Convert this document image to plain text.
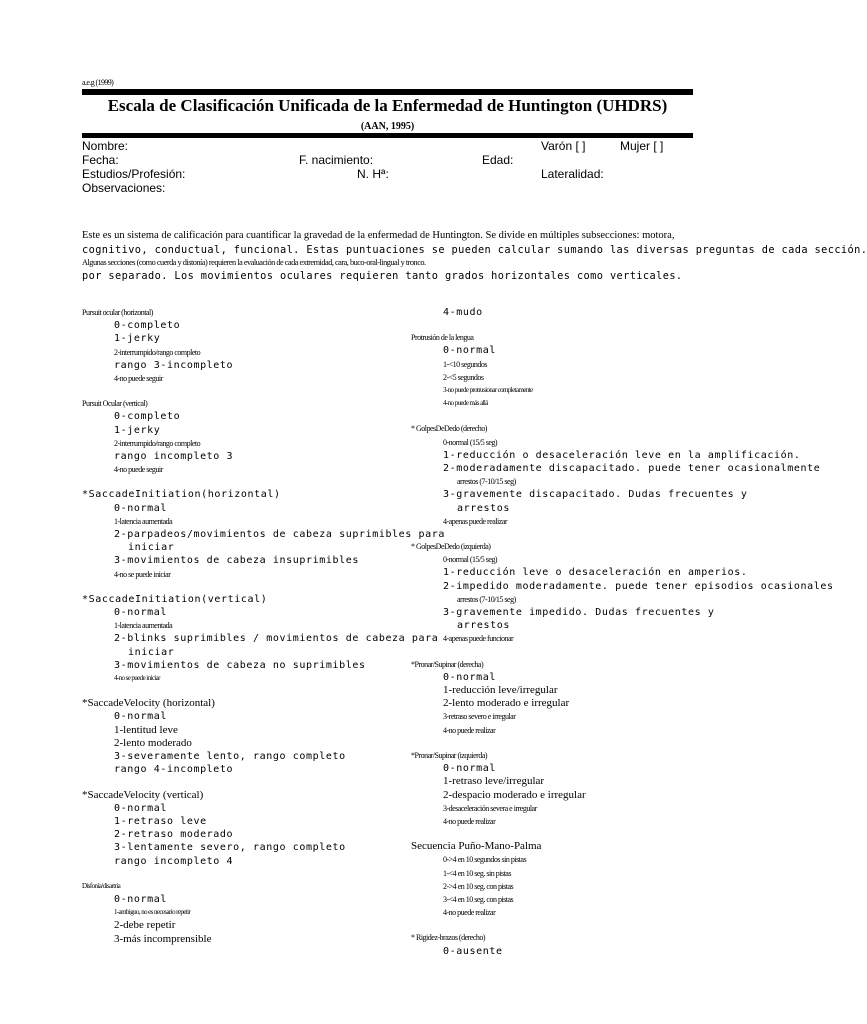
a.e.g (1999)
Escala de Clasificación Unificada de la Enfermedad de Huntington (UHDRS)
(AAN, 1995)
Nombre:	Varón [ ]	Mujer [ ]
Fecha:	F. nacimiento:	Edad:
Estudios/Profesión:	N. Hª:	Lateralidad:
Observaciones:
Este es un sistema de calificación para cuantificar la gravedad de la enfermedad de Huntington. Se divide en múltiples subsecciones: motora,
cognitivo, conductual, funcional. Estas puntuaciones se pueden calcular sumando las diversas preguntas de cada sección.
Algunas secciones (como cuerda y distonía) requieren la evaluación de cada extremidad, cara, buco-oral-lingual y tronco.
por separado. Los movimientos oculares requieren tanto grados horizontales como verticales.
Pursuit ocular (horizontal)
0-completo
1-jerky
2-interrumpido/rango completo
rango 3-incompleto
4-no puede seguir
Pursuit Ocular (vertical)
0-completo
1-jerky
2-interrumpido/rango completo
rango incompleto 3
4-no puede seguir
*SaccadeInitiation(horizontal)
0-normal
1-latencia aumentada
2-parpadeos/movimientos de cabeza suprimibles para
iniciar
3-movimientos de cabeza insuprimibles
4-no se puede iniciar
*SaccadeInitiation(vertical)
0-normal
1-latencia aumentada
2-blinks suprimibles / movimientos de cabeza para
iniciar
3-movimientos de cabeza no suprimibles
4-no se puede iniciar
*SaccadeVelocity (horizontal)
0-normal
1-lentitud leve
2-lento moderado
3-severamente lento, rango completo
rango 4-incompleto
*SaccadeVelocity (vertical)
0-normal
1-retraso leve
2-retraso moderado
3-lentamente severo, rango completo
rango incompleto 4
Disfonía/disartria
0-normal
1-ambiguo, no es necesario repetir
2-debe repetir
3-más incomprensible
4-mudo
Protrusión de la lengua
0-normal
1-<10 segundos
2-<5 segundos
3-no puede protrusionar completamente
4-no puede más allá
* GolpesDeDedo (derecho)
0-normal (15/5 seg)
1-reducción o desaceleración leve en la amplificación.
2-moderadamente discapacitado. puede tener ocasionalmente
arrestos (7-10/15 seg)
3-gravemente discapacitado. Dudas frecuentes y
arrestos
4-apenas puede realizar
* GolpesDeDedo (izquierda)
0-normal (15/5 seg)
1-reducción leve o desaceleración en amperios.
2-impedido moderadamente. puede tener episodios ocasionales
arrestos (7-10/15 seg)
3-gravemente impedido. Dudas frecuentes y
arrestos
4-apenas puede funcionar
*Pronar/Supinar (derecha)
0-normal
1-reducción leve/irregular
2-lento moderado e irregular
3-retraso severo e irregular
4-no puede realizar
*Pronar/Supinar (izquierda)
0-normal
1-retraso leve/irregular
2-despacio moderado e irregular
3-desaceleración severa e irregular
4-no puede realizar
Secuencia Puño-Mano-Palma
0->4 en 10 segundos sin pistas
1-<4 en 10 seg. sin pistas
2->4 en 10 seg. con pistas
3-<4 en 10 seg. con pistas
4-no puede realizar
* Rigidez-brazos (derecho)
0-ausente
